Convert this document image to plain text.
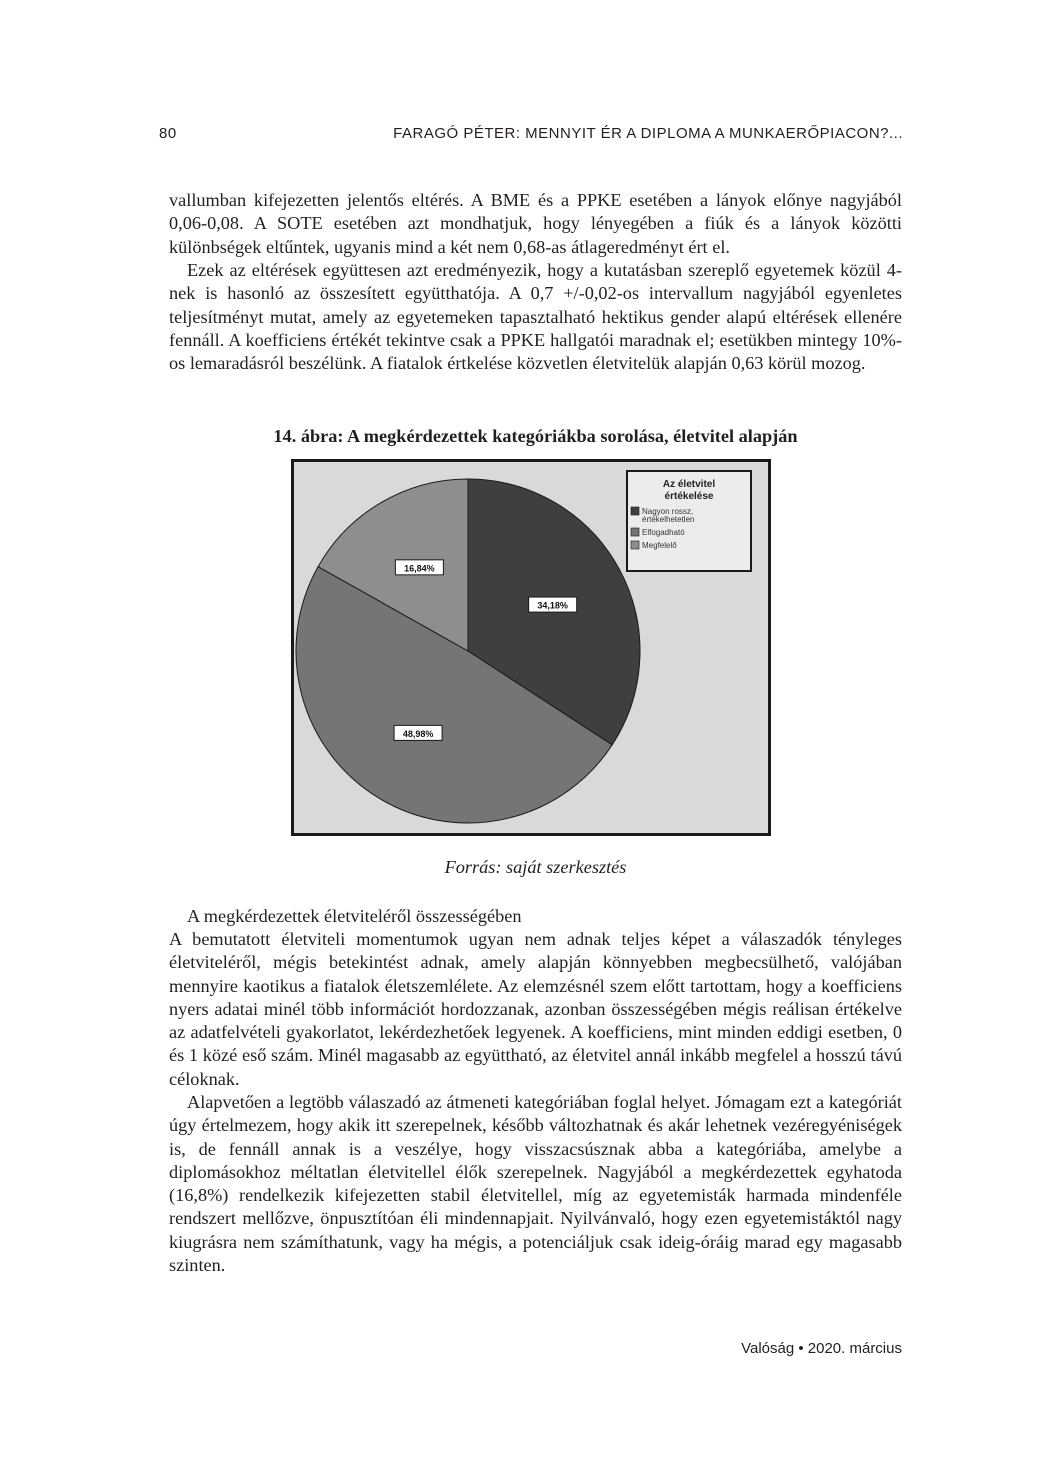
80	FARAGÓ PÉTER: MENNYIT ÉR A DIPLOMA A MUNKAERŐPIACON?...
vallumban kifejezetten jelentős eltérés. A BME és a PPKE esetében a lányok előnye nagyjából 0,06-0,08. A SOTE esetében azt mondhatjuk, hogy lényegében a fiúk és a lányok közötti különbségek eltűntek, ugyanis mind a két nem 0,68-as átlageredményt ért el.
Ezek az eltérések együttesen azt eredményezik, hogy a kutatásban szereplő egyetemek közül 4-nek is hasonló az összesített együtthatója. A 0,7 +/-0,02-os intervallum nagyjából egyenletes teljesítményt mutat, amely az egyetemeken tapasztalható hektikus gender alapú eltérések ellenére fennáll. A koefficiens értékét tekintve csak a PPKE hallgatói maradnak el; esetükben mintegy 10%-os lemaradásról beszélünk. A fiatalok értkelése közvetlen életvitelük alapján 0,63 körül mozog.
14. ábra: A megkérdezettek kategóriákba sorolása, életvitel alapján
34,18%
48,98%
16,84%
Az életvitel
értékelése
Nagyon rossz,
értékelhetetlen
Elfogadható
Megfelelő
Forrás: saját szerkesztés
A megkérdezettek életviteléről összességében
A bemutatott életviteli momentumok ugyan nem adnak teljes képet a válaszadók tényleges életviteléről, mégis betekintést adnak, amely alapján könnyebben megbecsülhető, valójában mennyire kaotikus a fiatalok életszemlélete. Az elemzésnél szem előtt tartottam, hogy a koefficiens nyers adatai minél több információt hordozzanak, azonban összességében mégis reálisan értékelve az adatfelvételi gyakorlatot, lekérdezhetőek legyenek. A koefficiens, mint minden eddigi esetben, 0 és 1 közé eső szám. Minél magasabb az együttható, az életvitel annál inkább megfelel a hosszú távú céloknak.
Alapvetően a legtöbb válaszadó az átmeneti kategóriában foglal helyet. Jómagam ezt a kategóriát úgy értelmezem, hogy akik itt szerepelnek, később változhatnak és akár lehetnek vezéregyéniségek is, de fennáll annak is a veszélye, hogy visszacsúsznak abba a kategóriába, amelybe a diplomásokhoz méltatlan életvitellel élők szerepelnek. Nagyjából a megkérdezettek egyhatoda (16,8%) rendelkezik kifejezetten stabil életvitellel, míg az egyetemisták harmada mindenféle rendszert mellőzve, önpusztítóan éli mindennapjait. Nyilvánvaló, hogy ezen egyetemistáktól nagy kiugrásra nem számíthatunk, vagy ha mégis, a potenciáljuk csak ideig-óráig marad egy magasabb szinten.
Valóság • 2020. március
